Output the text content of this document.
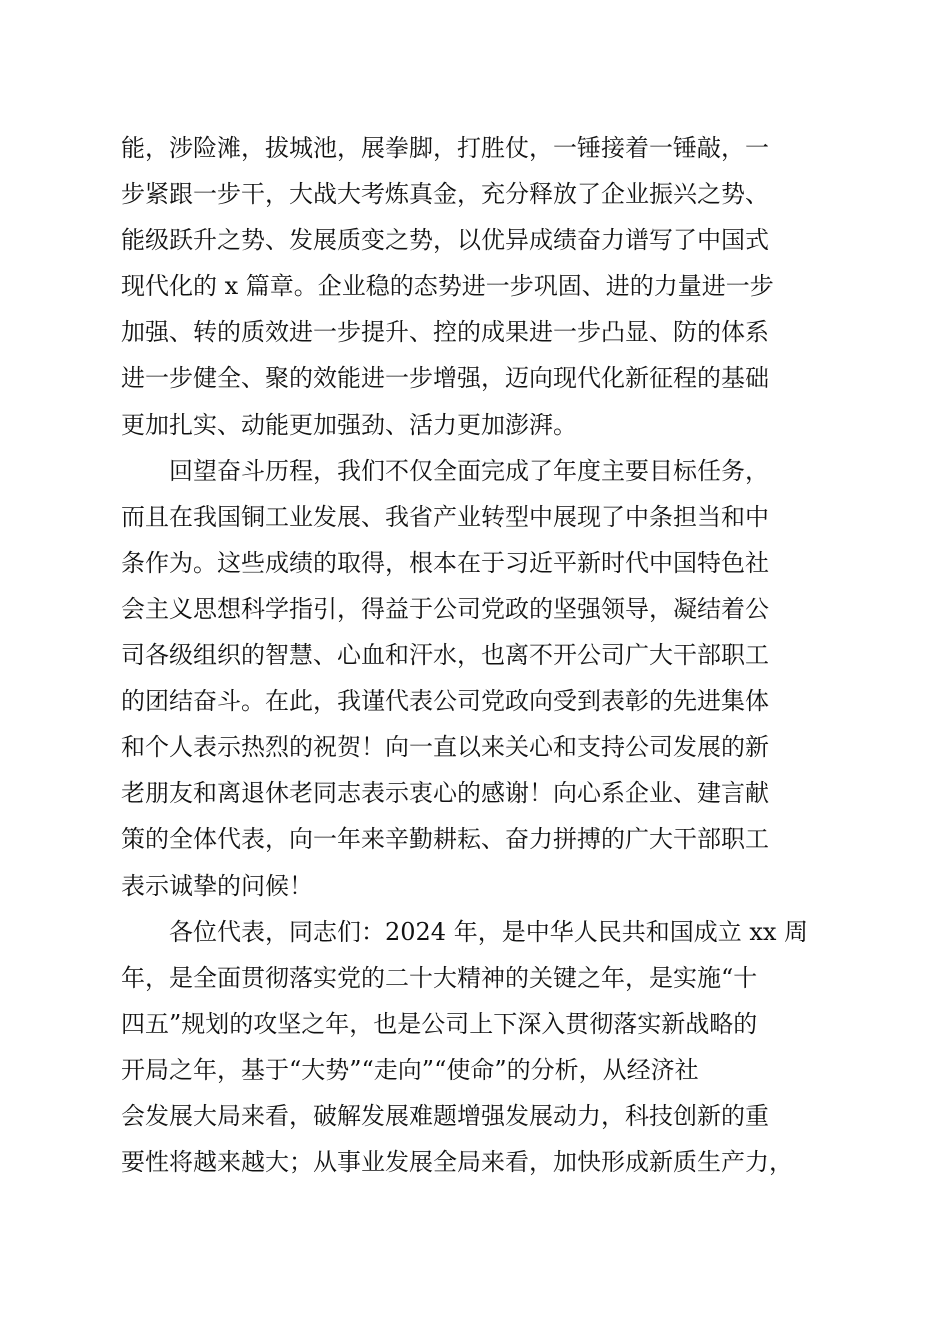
能，涉险滩，拔城池，展拳脚，打胜仗，一锤接着一锤敲，一
步紧跟一步干，大战大考炼真金，充分释放了企业振兴之势、
能级跃升之势、发展质变之势，以优异成绩奋力谱写了中国式
现代化的 x 篇章。企业稳的态势进一步巩固、进的力量进一步
加强、转的质效进一步提升、控的成果进一步凸显、防的体系
进一步健全、聚的效能进一步增强，迈向现代化新征程的基础
更加扎实、动能更加强劲、活力更加澎湃。
回望奋斗历程，我们不仅全面完成了年度主要目标任务，
而且在我国铜工业发展、我省产业转型中展现了中条担当和中
条作为。这些成绩的取得，根本在于习近平新时代中国特色社
会主义思想科学指引，得益于公司党政的坚强领导，凝结着公
司各级组织的智慧、心血和汗水，也离不开公司广大干部职工
的团结奋斗。在此，我谨代表公司党政向受到表彰的先进集体
和个人表示热烈的祝贺！向一直以来关心和支持公司发展的新
老朋友和离退休老同志表示衷心的感谢！向心系企业、建言献
策的全体代表，向一年来辛勤耕耘、奋力拼搏的广大干部职工
表示诚挚的问候！
各位代表，同志们：2024 年，是中华人民共和国成立 xx 周
年，是全面贯彻落实党的二十大精神的关键之年，是实施“十
四五”规划的攻坚之年，也是公司上下深入贯彻落实新战略的
开局之年，基于“大势”“走向”“使命”的分析，从经济社
会发展大局来看，破解发展难题增强发展动力，科技创新的重
要性将越来越大；从事业发展全局来看，加快形成新质生产力，
